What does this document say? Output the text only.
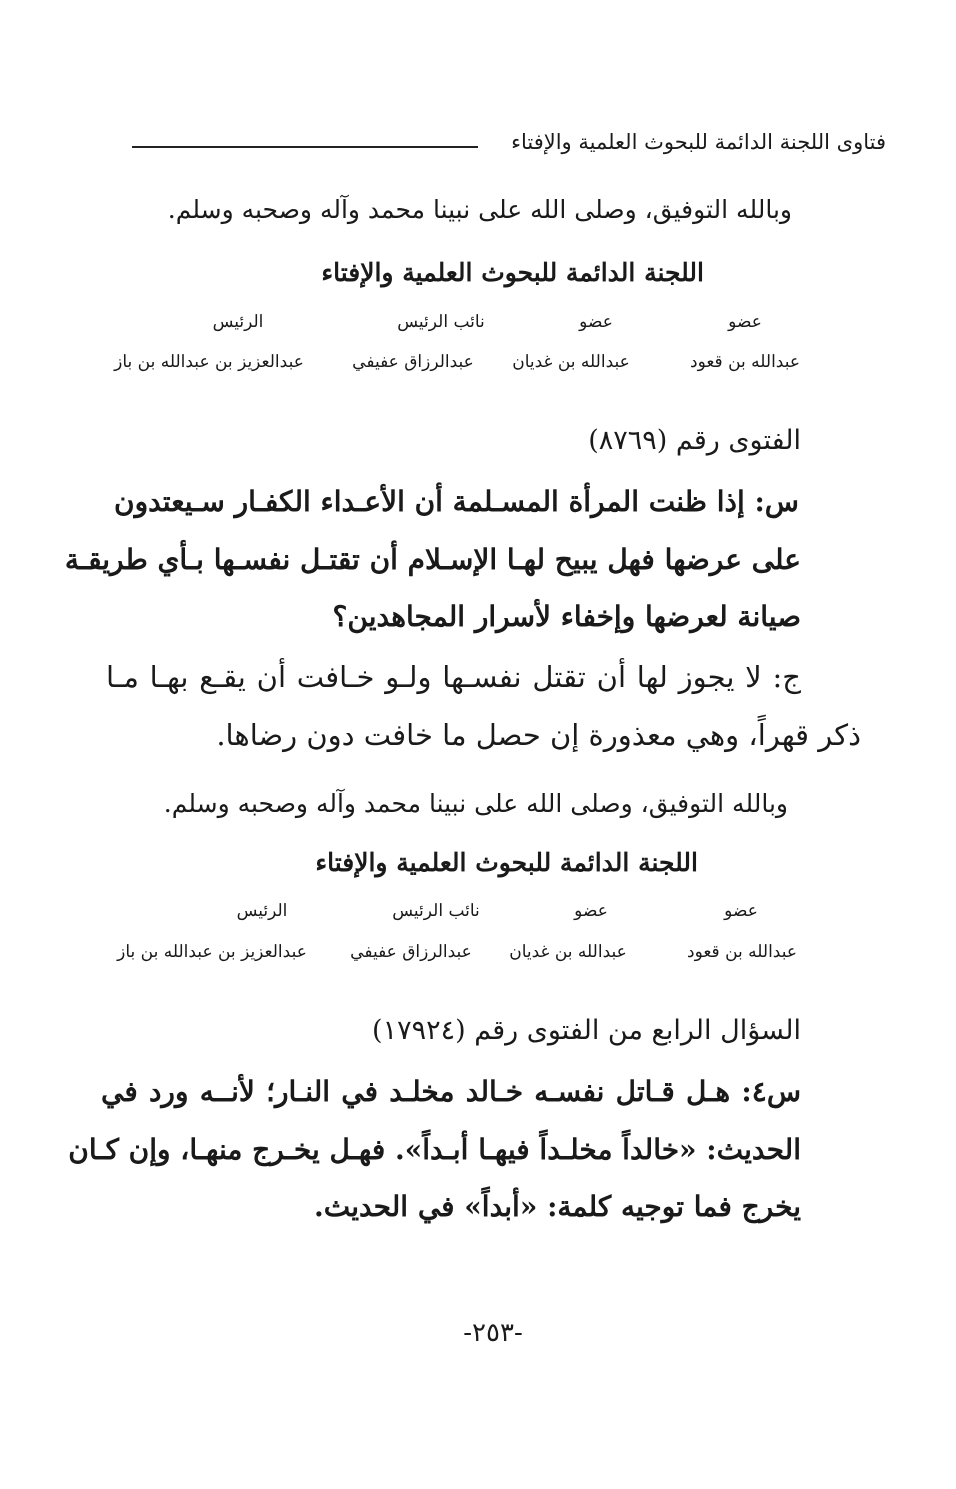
فتاوى اللجنة الدائمة للبحوث العلمية والإفتاء
وبالله التوفيق، وصلى الله على نبينا محمد وآله وصحبه وسلم.
اللجنة الدائمة للبحوث العلمية والإفتاء
عضو
عضو
نائب الرئيس
الرئيس
عبدالله بن قعود
عبدالله بن غديان
عبدالرزاق عفيفي
عبدالعزيز بن عبدالله بن باز
الفتوى رقم (٨٧٦٩)
س: إذا ظنت المرأة المسـلمة أن الأعـداء الكفـار سـيعتدون
على عرضها فهل يبيح لهـا الإسـلام أن تقتـل نفسـها بـأي طريقـة
صيانة لعرضها وإخفاء لأسرار المجاهدين؟
ج: لا يجوز لها أن تقتل نفسـها ولـو خـافت أن يقـع بهـا مـا
ذكر قهراً، وهي معذورة إن حصل ما خافت دون رضاها.
وبالله التوفيق، وصلى الله على نبينا محمد وآله وصحبه وسلم.
اللجنة الدائمة للبحوث العلمية والإفتاء
عضو
عضو
نائب الرئيس
الرئيس
عبدالله بن قعود
عبدالله بن غديان
عبدالرزاق عفيفي
عبدالعزيز بن عبدالله بن باز
السؤال الرابع من الفتوى رقم (١٧٩٢٤)
س٤: هـل قـاتل نفسـه خـالد مخلـد في النـار؛ لأنــه ورد في
الحديث: «خالداً مخلـداً فيهـا أبـداً». فهـل يخـرج منهـا، وإن كـان
يخرج فما توجيه كلمة: «أبداً» في الحديث.
-٢٥٣-
